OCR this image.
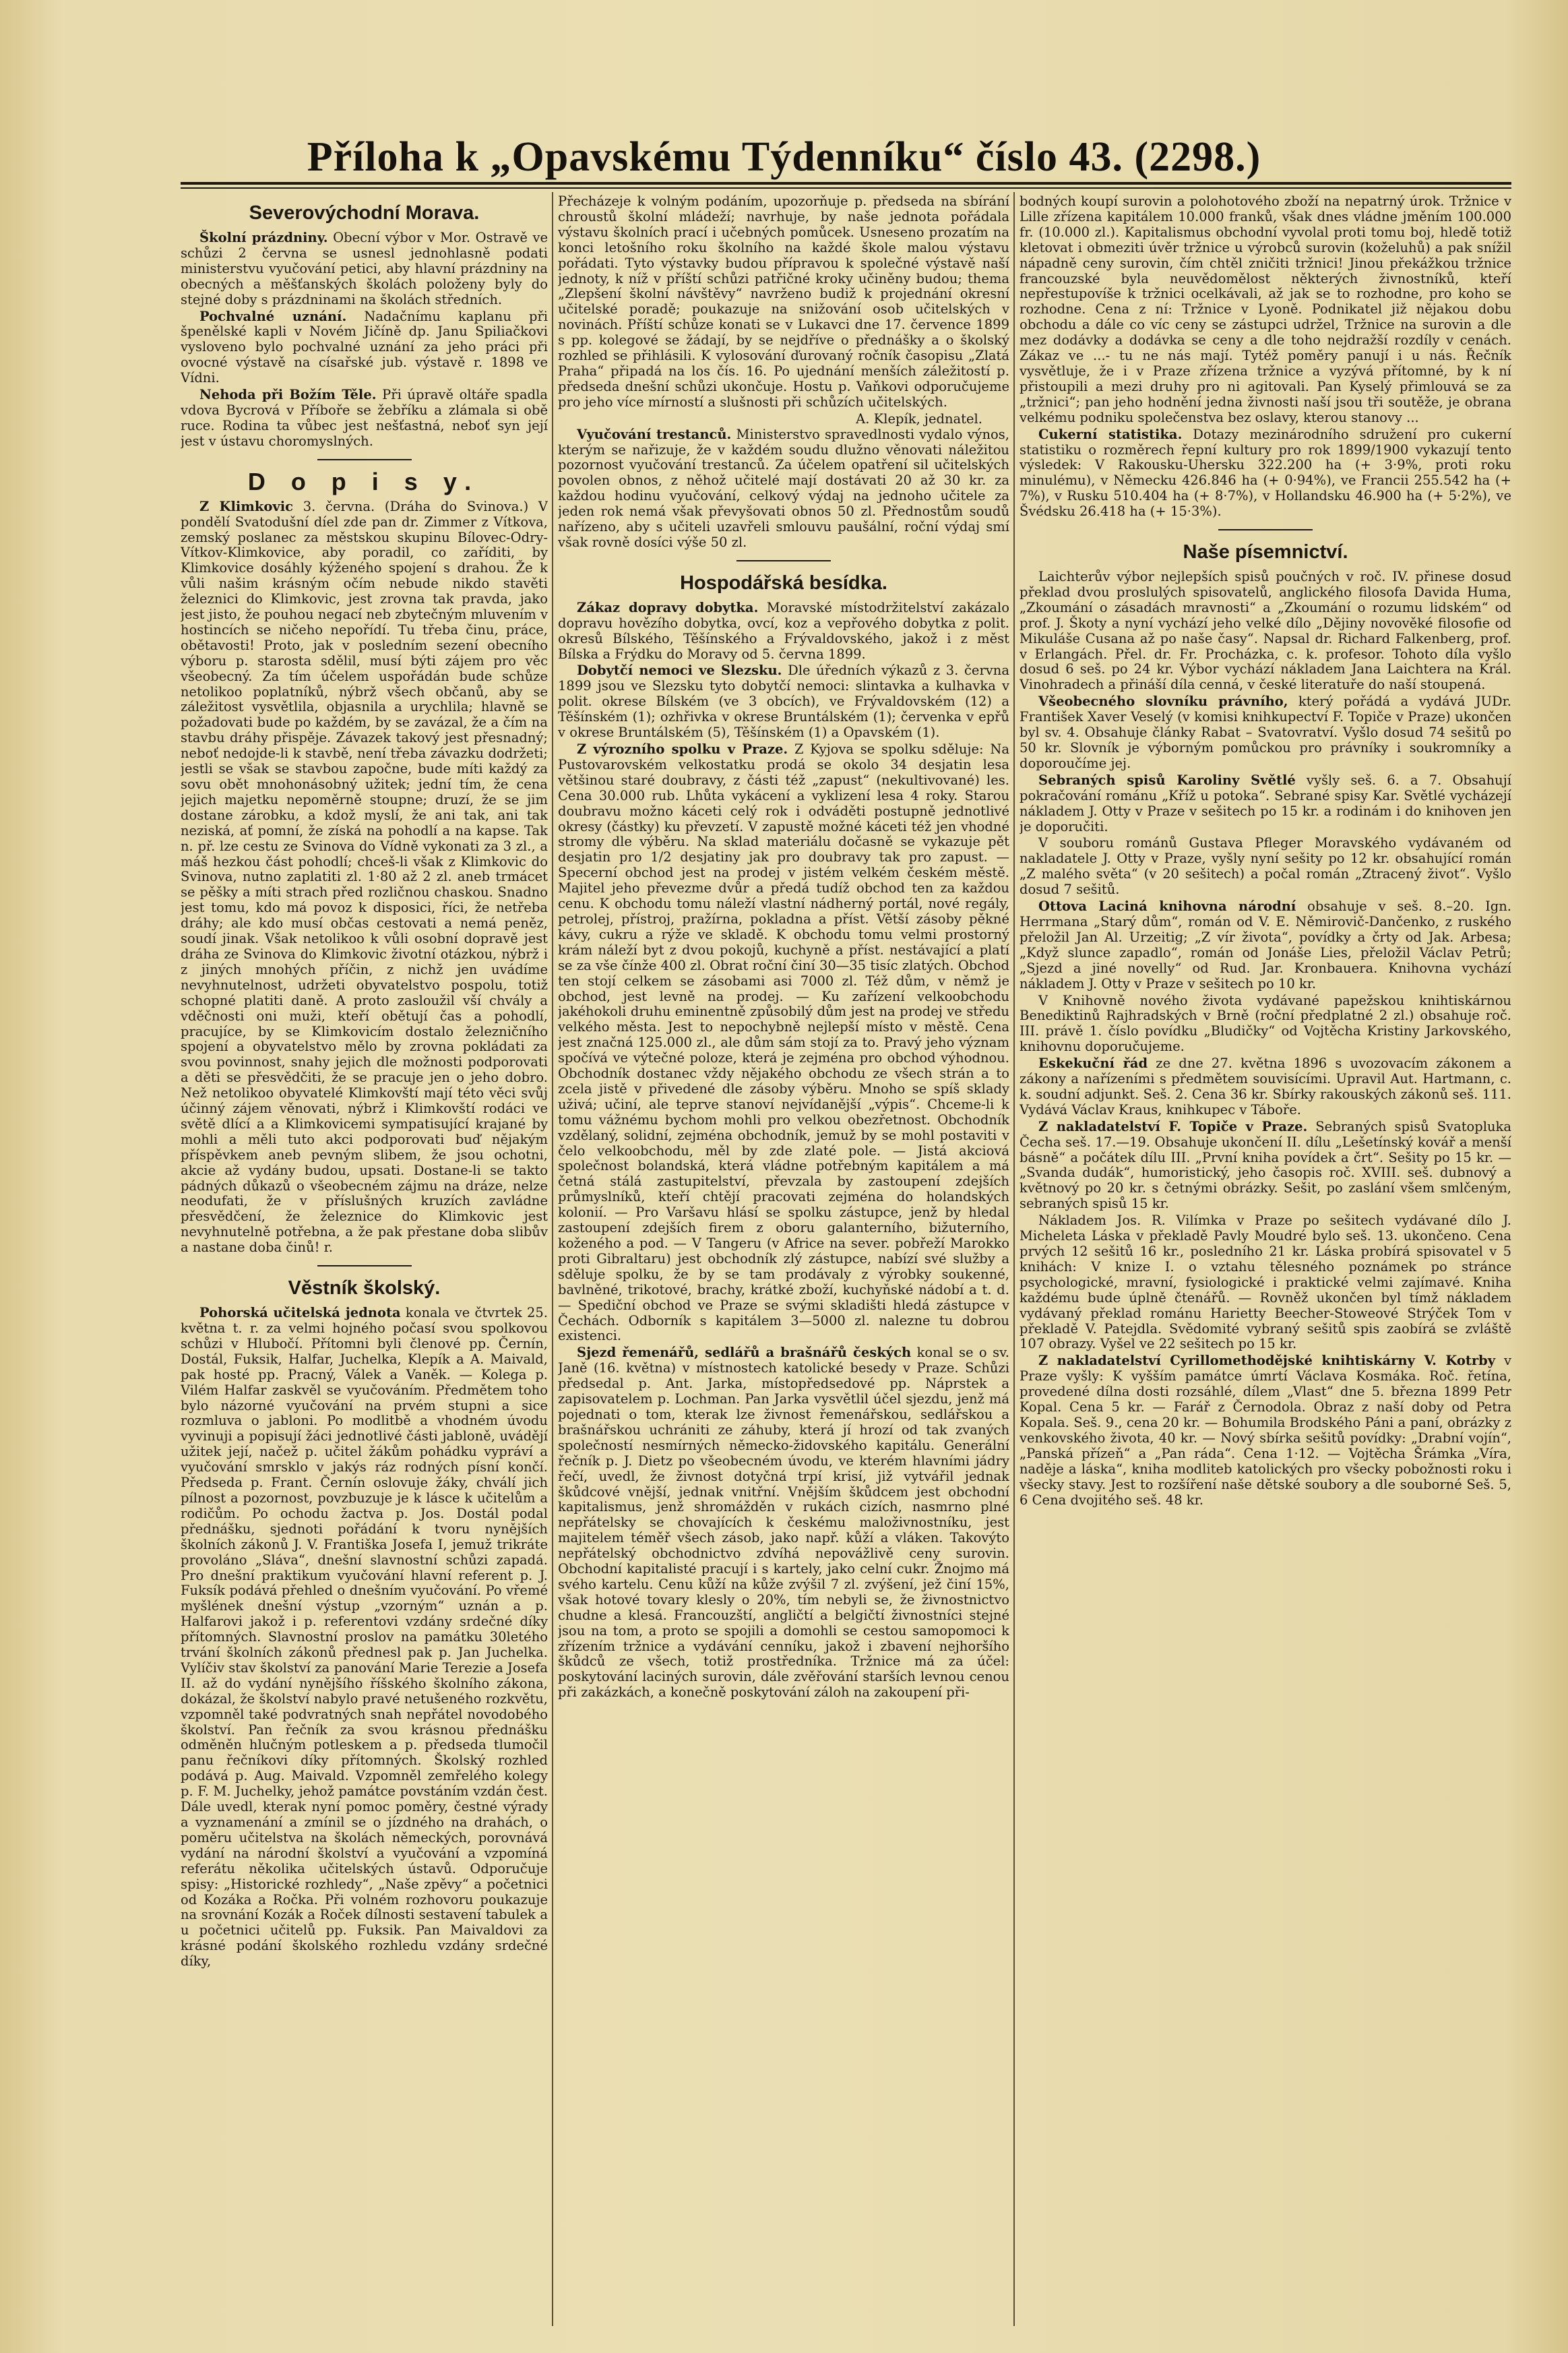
Příloha k „Opavskému Týdenníku“ číslo 43. (2298.)
Severovýchodní Morava.

Školní prázdniny. Obecní výbor v Mor. Ostravě ve schůzi 2 června se usnesl jednohlasně podati ministerstvu vyučování petici, aby hlavní prázdniny na obecných a měšťanských školách položeny byly do stejné doby s prázdninami na školách středních.

Pochvalné uznání. Nadačnímu kaplanu při špenělské kapli v Novém Jičíně dp. Janu Spiliačkovi vysloveno bylo pochvalné uznání za jeho práci při ovocné výstavě na císařské jub. výstavě r. 1898 ve Vídni.

Nehoda při Božím Těle. Při úpravě oltáře spadla vdova Bycrová v Příboře se žebříku a zlámala si obě ruce. Rodina ta vůbec jest nešťastná, neboť syn její jest v ústavu choromyslných.

D o p i s y.

Z Klimkovic 3. června. (Dráha do Svinova.) V pondělí Svatodušní díel zde pan dr. Zimmer z Vítkova, zemský poslanec za městskou skupinu Bílovec-Odry-Vítkov-Klimkovice, aby poradil, co zaříditi, by Klimkovice dosáhly kýženého spojení s drahou. Že k vůli našim krásným očím nebude nikdo stavěti železnici do Klimkovic, jest zrovna tak pravda, jako jest jisto, že pouhou negací neb zbytečným mluvením v hostincích se ničeho nepořídí. Tu třeba činu, práce, obětavosti! Proto, jak v posledním sezení obecního výboru p. starosta sdělil, musí býti zájem pro věc všeobecný. Za tím účelem uspořádán bude schůze netolikoo poplatníků, nýbrž všech občanů, aby se záležitost vysvětlila, objasnila a urychlila; hlavně se požadovati bude po každém, by se zavázal, že a čím na stavbu dráhy přispěje. Závazek takový jest přesnadný; neboť nedojde-li k stavbě, není třeba závazku dodržeti; jestli se však se stavbou započne, bude míti každý za sovu obět mnohonásobný užitek; jední tím, že cena jejich majetku nepoměrně stoupne; druzí, že se jim dostane zárobku, a kdož myslí, že ani tak, ani tak neziská, ať pomní, že získá na pohodlí a na kapse. Tak n. př. lze cestu ze Svinova do Vídně vykonati za 3 zl., a máš hezkou část pohodlí; chceš-li však z Klimkovic do Svinova, nutno zaplatiti zl. 1·80 až 2 zl. aneb trmácet se pěšky a míti strach před rozličnou chaskou. Snadno jest tomu, kdo má povoz k disposici, říci, že netřeba dráhy; ale kdo musí občas cestovati a nemá peněz, soudí jinak. Však netolikoo k vůli osobní dopravě jest dráha ze Svinova do Klimkovic životní otázkou, nýbrž i z jiných mnohých příčin, z nichž jen uvádíme nevyhnutelnost, udržeti obyvatelstvo pospolu, totiž schopné platiti daně. A proto zasloužil vší chvály a vděčnosti oni muži, kteří obětují čas a pohodlí, pracujíce, by se Klimkovicím dostalo železničního spojení a obyvatelstvo mělo by zrovna pokládati za svou povinnost, snahy jejich dle možnosti podporovati a děti se přesvědčiti, že se pracuje jen o jeho dobro. Než netolikoo obyvatelé Klimkovští mají této věci svůj účinný zájem věnovati, nýbrž i Klimkovští rodáci ve světě dlící a a Klimkovicemi sympatisující krajané by mohli a měli tuto akci podporovati buď nějakým příspěvkem aneb pevným slibem, že jsou ochotni, akcie až vydány budou, upsati. Dostane-li se takto pádných důkazů o všeobecném zájmu na dráze, nelze neodufati, že v příslušných kruzích zavládne přesvědčení, že železnice do Klimkovic jest nevyhnutelně potřebna, a že pak přestane doba slibův a nastane doba činů! r.

Věstník školský.

Pohorská učitelská jednota konala ve čtvrtek 25. května t. r. za velmi hojného počasí svou spolkovou schůzi v Hlubočí. Přítomni byli členové pp. Černín, Dostál, Fuksik, Halfar, Juchelka, Klepík a A. Maivald, pak hosté pp. Pracný, Válek a Vaněk. — Kolega p. Vilém Halfar zaskvěl se vyučováním. Předmětem toho bylo názorné vyučování na prvém stupni a sice rozmluva o jabloni. Po modlitbě a vhodném úvodu vyvinuji a popisují žáci jednotlivé části jabloně, uvádějí užitek její, načež p. učitel žákům pohádku vypráví a vyučování smrsklo v jakýs ráz rodných písní končí. Předseda p. Frant. Černín oslovuje žáky, chválí jich pílnost a pozornost, povzbuzuje je k lásce k učitelům a rodičům. Po ochodu žactva p. Jos. Dostál podal přednášku, sjednoti pořádání k tvoru nynějších školních zákonů J. V. Františka Josefa I, jemuž trikráte provoláno „Sláva“, dnešní slavnostní schůzi zapadá. Pro dnešní praktikum vyučování hlavní referent p. J. Fuksík podává přehled o dnešním vyučování. Po vřemé myšlének dnešní výstup „vzorným“ uznán a p. Halfarovi jakož i p. referentovi vzdány srdečné díky přítomných. Slavnostní proslov na památku 30letého trvání školních zákonů přednesl pak p. Jan Juchelka. Vylíčiv stav školství za panování Marie Terezie a Josefa II. až do vydání nynějšího říšského školního zákona, dokázal, že školství nabylo pravé netušeného rozkvětu, vzpomněl také podvratných snah nepřátel novodobého školství. Pan řečník za svou krásnou přednášku odměněn hlučným potleskem a p. předseda tlumočil panu řečníkovi díky přítomných. Školský rozhled podává p. Aug. Maivald. Vzpomněl zemřelého kolegy p. F. M. Juchelky, jehož památce povstáním vzdán čest. Dále uvedl, kterak nyní pomoc poměry, čestné výrady a vyznamenání a zmínil se o jízdného na drahách, o poměru učitelstva na školách německých, porovnává vydání na národní školství a vyučování a vzpomíná referátu několika učitelských ústavů. Odporučuje spisy: „Historické rozhledy“, „Naše zpěvy“ a početnici od Kozáka a Ročka. Při volném rozhovoru poukazuje na srovnání Kozák a Roček dílnosti sestavení tabulek a u početnici učitelů pp. Fuksik. Pan Maivaldovi za krásné podání školského rozhledu vzdány srdečné díky,

Přecházeje k volným podáním, upozorňuje p. předseda na sbírání chroustů školní mládeží; navrhuje, by naše jednota pořádala výstavu školních prací i učebných pomůcek. Usneseno prozatím na konci letošního roku školního na každé škole malou výstavu pořádati. Tyto výstavky budou přípravou k společné výstavě naší jednoty, k níž v příští schůzi patřičné kroky učiněny budou; thema „Zlepšení školní návštěvy“ navrženo budiž k projednání okresní učitelské poradě; poukazuje na snižování osob učitelských v novinách. Příští schůze konati se v Lukavci dne 17. července 1899 s pp. kolegové se žádají, by se nejdříve o přednášky a o školský rozhled se přihlásili. K vylosování ďurovaný ročník časopisu „Zlatá Praha“ připadá na los čís. 16. Po ujednání menších záležitostí p. předseda dnešní schůzi ukončuje. Hostu p. Vaňkovi odporučujeme pro jeho více mírností a slušnosti při schůzích učitelských.

A. Klepík, jednatel.

Vyučování trestanců. Ministerstvo spravedlnosti vydalo výnos, kterým se nařizuje, že v každém soudu dlužno věnovati náležitou pozornost vyučování trestanců. Za účelem opatření sil učitelských povolen obnos, z něhož učitelé mají dostávati 20 až 30 kr. za každou hodinu vyučování, celkový výdaj na jednoho učitele za jeden rok nemá však převyšovati obnos 50 zl. Přednostům soudů nařízeno, aby s učiteli uzavřeli smlouvu paušální, roční výdaj smí však rovně dosíci výše 50 zl.

Hospodářská besídka.

Zákaz dopravy dobytka. Moravské místodržitelství zakázalo dopravu hovězího dobytka, ovcí, koz a vepřového dobytka z polit. okresů Bílského, Těšínského a Frývaldovského, jakož i z měst Bílska a Frýdku do Moravy od 5. června 1899.

Dobytčí nemoci ve Slezsku. Dle úředních výkazů z 3. června 1899 jsou ve Slezsku tyto dobytčí nemoci: slintavka a kulhavka v polit. okrese Bílském (ve 3 obcích), ve Frývaldovském (12) a Těšínském (1); ozhřivka v okrese Bruntálském (1); červenka v epřů v okrese Bruntálském (5), Těšínském (1) a Opavském (1).

Z výrozního spolku v Praze. Z Kyjova se spolku sděluje: Na Pustovarovském velkostatku prodá se okolo 34 desjatin lesa většinou staré doubravy, z části též „zapust“ (nekultivované) les. Cena 30.000 rub. Lhůta vykácení a vyklizení lesa 4 roky. Starou doubravu možno káceti celý rok i odváděti postupně jednotlivé okresy (částky) ku převzetí. V zapustě možné káceti též jen vhodné stromy dle výběru. Na sklad materiálu dočasně se vykazuje pět desjatin pro 1/2 desjatiny jak pro doubravy tak pro zapust. — Specerní obchod jest na prodej v jistém velkém českém městě. Majitel jeho převezme dvůr a předá tudíž obchod ten za každou cenu. K obchodu tomu náleží vlastní nádherný portál, nové regály, petrolej, přístroj, pražírna, pokladna a příst. Větší zásoby pěkné kávy, cukru a rýže ve skladě. K obchodu tomu velmi prostorný krám náleží byt z dvou pokojů, kuchyně a příst. nestávající a platí se za vše čínže 400 zl. Obrat roční činí 30—35 tisíc zlatých. Obchod ten stojí celkem se zásobami asi 7000 zl. Též dům, v němž je obchod, jest levně na prodej. — Ku zařízení velkoobchodu jakéhokoli druhu eminentně způsobilý dům jest na prodej ve středu velkého města. Jest to nepochybně nejlepší místo v městě. Cena jest značná 125.000 zl., ale dům sám stojí za to. Pravý jeho význam spočívá ve výtečné poloze, která je zejména pro obchod výhodnou. Obchodník dostanec vždy nějakého obchodu ze všech strán a to zcela jistě v přivedené dle zásoby výběru. Mnoho se spíš sklady uživá; učiní, ale teprve stanoví nejvídanější „výpis“. Chceme-li k tomu vážnému bychom mohli pro velkou obezřetnost. Obchodník vzdělaný, solidní, zejména obchodník, jemuž by se mohl postaviti v čelo velkoobchodu, měl by zde zlaté pole. — Jistá akciová společnost bolandská, která vládne potřebným kapitálem a má četná stálá zastupitelství, převzala by zastoupení zdejších průmyslníků, kteří chtějí pracovati zejména do holandských kolonií. — Pro Varšavu hlásí se spolku zástupce, jenž by hledal zastoupení zdejších firem z oboru galanterního, bižuterního, koženého a pod. — V Tangeru (v Africe na sever. pobřeží Marokko proti Gibraltaru) jest obchodník zlý zástupce, nabízí své služby a sděluje spolku, že by se tam prodávaly z výrobky soukenné, bavlněné, trikotové, brachy, krátké zboží, kuchyňské nádobí a t. d. — Spediční obchod ve Praze se svými skladišti hledá zástupce v Čechách. Odborník s kapitálem 3—5000 zl. nalezne tu dobrou existenci.

Sjezd řemenářů, sedlářů a brašnářů českých konal se o sv. Janě (16. května) v místnostech katolické besedy v Praze. Schůzi předsedal p. Ant. Jarka, místopředsedové pp. Náprstek a zapisovatelem p. Lochman. Pan Jarka vysvětlil účel sjezdu, jenž má pojednati o tom, kterak lze živnost řemenářskou, sedlářskou a brašnářskou uchrániti ze záhuby, která jí hrozí od tak zvaných společností nesmírných německo-židovského kapitálu. Generální řečník p. J. Dietz po všeobecném úvodu, ve kterém hlavními jádry řečí, uvedl, že živnost dotyčná trpí krisí, již vytvářil jednak škůdcové vnější, jednak vnitřní. Vnějším škůdcem jest obchodní kapitalismus, jenž shromážděn v rukách cizích, nasmrno plné nepřátelsky se chovajících k českému maloživnostníku, jest majitelem téměř všech zásob, jako např. kůží a vláken. Takovýto nepřátelský obchodnictvo zdvíhá nepovážlivě ceny surovin. Obchodní kapitalisté pracují i s kartely, jako celní cukr. Žnojmo má svého kartelu. Cenu kůží na kůže zvýšil 7 zl. zvýšení, jež činí 15%, však hotové tovary klesly o 20%, tím nebyli se, že živnostnictvo chudne a klesá. Francouzští, angličtí a belgičtí živnostníci stejné jsou na tom, a proto se spojili a domohli se cestou samopomoci k zřízením tržnice a vydávání cenníku, jakož i zbavení nejhoršího škůdců ze všech, totiž prostředníka. Tržnice má za účel: poskytování laciných surovin, dále zvěřování starších levnou cenou při zakázkách, a konečně poskytování záloh na zakoupení při-

bodných koupí surovin a polohotového zboží na nepatrný úrok. Tržnice v Lille zřízena kapitálem 10.000 franků, však dnes vládne jměním 100.000 fr. (10.000 zl.). Kapitalismus obchodní vyvolal proti tomu boj, hledě totiž kletovat i obmeziti úvěr tržnice u výrobců surovin (koželuhů) a pak snížil nápadně ceny surovin, čím chtěl zničiti tržnici! Jinou překážkou tržnice francouzské byla neuvědomělost některých živnostníků, kteří nepřestupovíše k tržnici ocelkávali, až jak se to rozhodne, pro koho se rozhodne. Cena z ní: Tržnice v Lyoně. Podnikatel již nějakou dobu obchodu a dále co víc ceny se zástupci udržel, Tržnice na surovin a dle mez dodávky a dodávka se ceny a dle toho nejdražší rozdíly v cenách. Zákaz ve ...- tu ne nás mají. Tytéž poměry panují i u nás. Řečník vysvětluje, že i v Praze zřízena tržnice a vyzývá přítomné, by k ní přistoupili a mezi druhy pro ni agitovali. Pan Kyselý přimlouvá se za „tržnici“; pan jeho hodnění jedna živnosti naší jsou tři soutěže, je obrana velkému podniku společenstva bez oslavy, kterou stanovy ...

Cukerní statistika. Dotazy mezinárodního sdružení pro cukerní statistiku o rozměrech řepní kultury pro rok 1899/1900 vykazují tento výsledek: V Rakousku-Uhersku 322.200 ha (+ 3·9%, proti roku minulému), v Německu 426.846 ha (+ 0·94%), ve Francii 255.542 ha (+ 7%), v Rusku 510.404 ha (+ 8·7%), v Hollandsku 46.900 ha (+ 5·2%), ve Švédsku 26.418 ha (+ 15·3%).

Naše písemnictví.

Laichterův výbor nejlepších spisů poučných v roč. IV. přinese dosud překlad dvou proslulých spisovatelů, anglického filosofa Davida Huma, „Zkoumání o zásadách mravnosti“ a „Zkoumání o rozumu lidském“ od prof. J. Škoty a nyní vychází jeho velké dílo „Dějiny novověké filosofie od Mikuláše Cusana až po naše časy“. Napsal dr. Richard Falkenberg, prof. v Erlangách. Přel. dr. Fr. Procházka, c. k. profesor. Tohoto díla vyšlo dosud 6 seš. po 24 kr. Výbor vychází nákladem Jana Laichtera na Král. Vinohradech a přináší díla cenná, v české literatuře do naší stoupená.

Všeobecného slovníku právního, který pořádá a vydává JUDr. František Xaver Veselý (v komisi knihkupectví F. Topiče v Praze) ukončen byl sv. 4. Obsahuje články Rabat – Svatovratví. Vyšlo dosud 74 sešitů po 50 kr. Slovník je výborným pomůckou pro právníky i soukromníky a doporoučíme jej.

Sebraných spisů Karoliny Světlé vyšly seš. 6. a 7. Obsahují pokračování románu „Kříž u potoka“. Sebrané spisy Kar. Světlé vycházejí nákladem J. Otty v Praze v sešitech po 15 kr. a rodinám i do knihoven jen je doporučiti.

V souboru románů Gustava Pfleger Moravského vydávaném od nakladatele J. Otty v Praze, vyšly nyní sešity po 12 kr. obsahující román „Z malého světa“ (v 20 sešitech) a počal román „Ztracený život“. Vyšlo dosud 7 sešitů.

Ottova Laciná knihovna národní obsahuje v seš. 8.–20. Ign. Herrmana „Starý dům“, román od V. E. Němirovič-Dančenko, z ruského přeložil Jan Al. Urzeitig; „Z vír života“, povídky a črty od Jak. Arbesa; „Když slunce zapadlo“, román od Jonáše Lies, přeložil Václav Petrů; „Sjezd a jiné novelly“ od Rud. Jar. Kronbauera. Knihovna vychází nákladem J. Otty v Praze v sešitech po 10 kr.

V Knihovně nového života vydávané papežskou knihtiskárnou Benediktinů Rajhradských v Brně (roční předplatné 2 zl.) obsahuje roč. III. právě 1. číslo povídku „Bludičky“ od Vojtěcha Kristiny Jarkovského, knihovnu doporučujeme.

Eskekuční řád ze dne 27. května 1896 s uvozovacím zákonem a zákony a nařízeními s předmětem souvisícími. Upravil Aut. Hartmann, c. k. soudní adjunkt. Seš. 2. Cena 36 kr. Sbírky rakouských zákonů seš. 111. Vydává Václav Kraus, knihkupec v Táboře.

Z nakladatelství F. Topiče v Praze. Sebraných spisů Svatopluka Čecha seš. 17.—19. Obsahuje ukončení II. dílu „Lešetínský kovář a menší básně“ a počátek dílu III. „První kniha povídek a črt“. Sešity po 15 kr. — „Svanda dudák“, humoristický, jeho časopis roč. XVIII. seš. dubnový a květnový po 20 kr. s četnými obrázky. Sešit, po zaslání všem smlčeným, sebraných spisů 15 kr.

Nákladem Jos. R. Vilímka v Praze po sešitech vydávané dílo J. Micheleta Láska v překladě Pavly Moudré bylo seš. 13. ukončeno. Cena prvých 12 sešitů 16 kr., posledního 21 kr. Láska probírá spisovatel v 5 knihách: V knize I. o vztahu tělesného poznámek po stránce psychologické, mravní, fysiologické i praktické velmi zajímavé. Kniha každému bude úplně čtenářů. — Rovněž ukončen byl tímž nákladem vydávaný překlad románu Harietty Beecher-Stoweové Strýček Tom v překladě V. Patejdla. Svědomité vybraný sešitů spis zaobírá se zvláště 107 obrazy. Vyšel ve 22 sešitech po 15 kr.

Z nakladatelství Cyrillomethodějské knihtiskárny V. Kotrby v Praze vyšly: K vyšším památce úmrtí Václava Kosmáka. Roč. řetína, provedené dílna dosti rozsáhlé, dílem „Vlast“ dne 5. března 1899 Petr Kopal. Cena 5 kr. — Farář z Černodola. Obraz z naší doby od Petra Kopala. Seš. 9., cena 20 kr. — Bohumila Brodského Páni a paní, obrázky z venkovského života, 40 kr. — Nový sbírka sešitů povídky: „Drabní vojín“, „Panská přízeň“ a „Pan ráda“. Cena 1·12. — Vojtěcha Šrámka „Víra, naděje a láska“, kniha modliteb katolických pro všecky pobožnosti roku i všecky stavy. Jest to rozšíření naše dětské soubory a dle souborné Seš. 5, 6 Cena dvojitého seš. 48 kr.
